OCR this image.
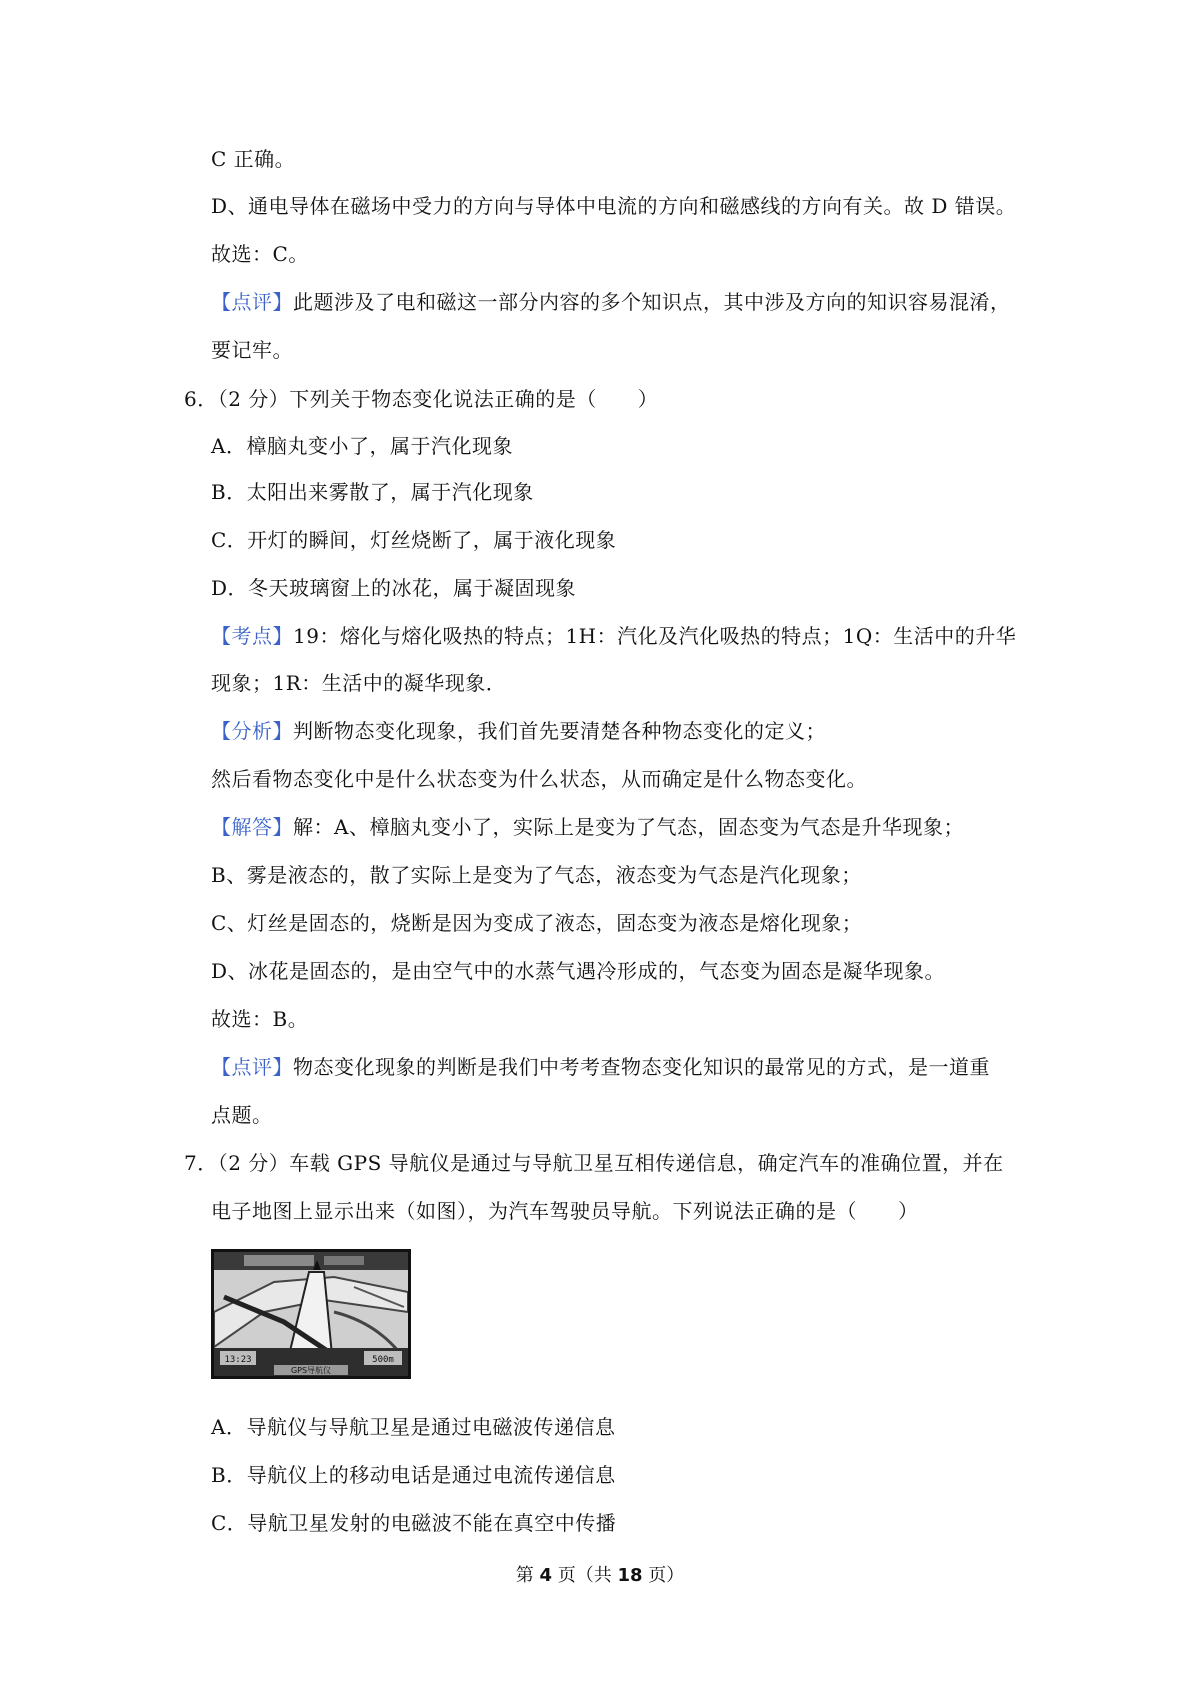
C 正确。
D、通电导体在磁场中受力的方向与导体中电流的方向和磁感线的方向有关。故 D 错误。
故选：C。
【点评】此题涉及了电和磁这一部分内容的多个知识点，其中涉及方向的知识容易混淆，
要记牢。
6．（2 分）下列关于物态变化说法正确的是（　　）
A．樟脑丸变小了，属于汽化现象
B．太阳出来雾散了，属于汽化现象
C．开灯的瞬间，灯丝烧断了，属于液化现象
D．冬天玻璃窗上的冰花，属于凝固现象
【考点】19：熔化与熔化吸热的特点；1H：汽化及汽化吸热的特点；1Q：生活中的升华
现象；1R：生活中的凝华现象．
【分析】判断物态变化现象，我们首先要清楚各种物态变化的定义；
然后看物态变化中是什么状态变为什么状态，从而确定是什么物态变化。
【解答】解：A、樟脑丸变小了，实际上是变为了气态，固态变为气态是升华现象；
B、雾是液态的，散了实际上是变为了气态，液态变为气态是汽化现象；
C、灯丝是固态的，烧断是因为变成了液态，固态变为液态是熔化现象；
D、冰花是固态的，是由空气中的水蒸气遇冷形成的，气态变为固态是凝华现象。
故选：B。
【点评】物态变化现象的判断是我们中考考查物态变化知识的最常见的方式，是一道重
点题。
7．（2 分）车载 GPS 导航仪是通过与导航卫星互相传递信息，确定汽车的准确位置，并在
电子地图上显示出来（如图），为汽车驾驶员导航。下列说法正确的是（　　）
13:23	500m
GPS导航仪
A．导航仪与导航卫星是通过电磁波传递信息
B．导航仪上的移动电话是通过电流传递信息
C．导航卫星发射的电磁波不能在真空中传播
第 4 页（共 18 页）
